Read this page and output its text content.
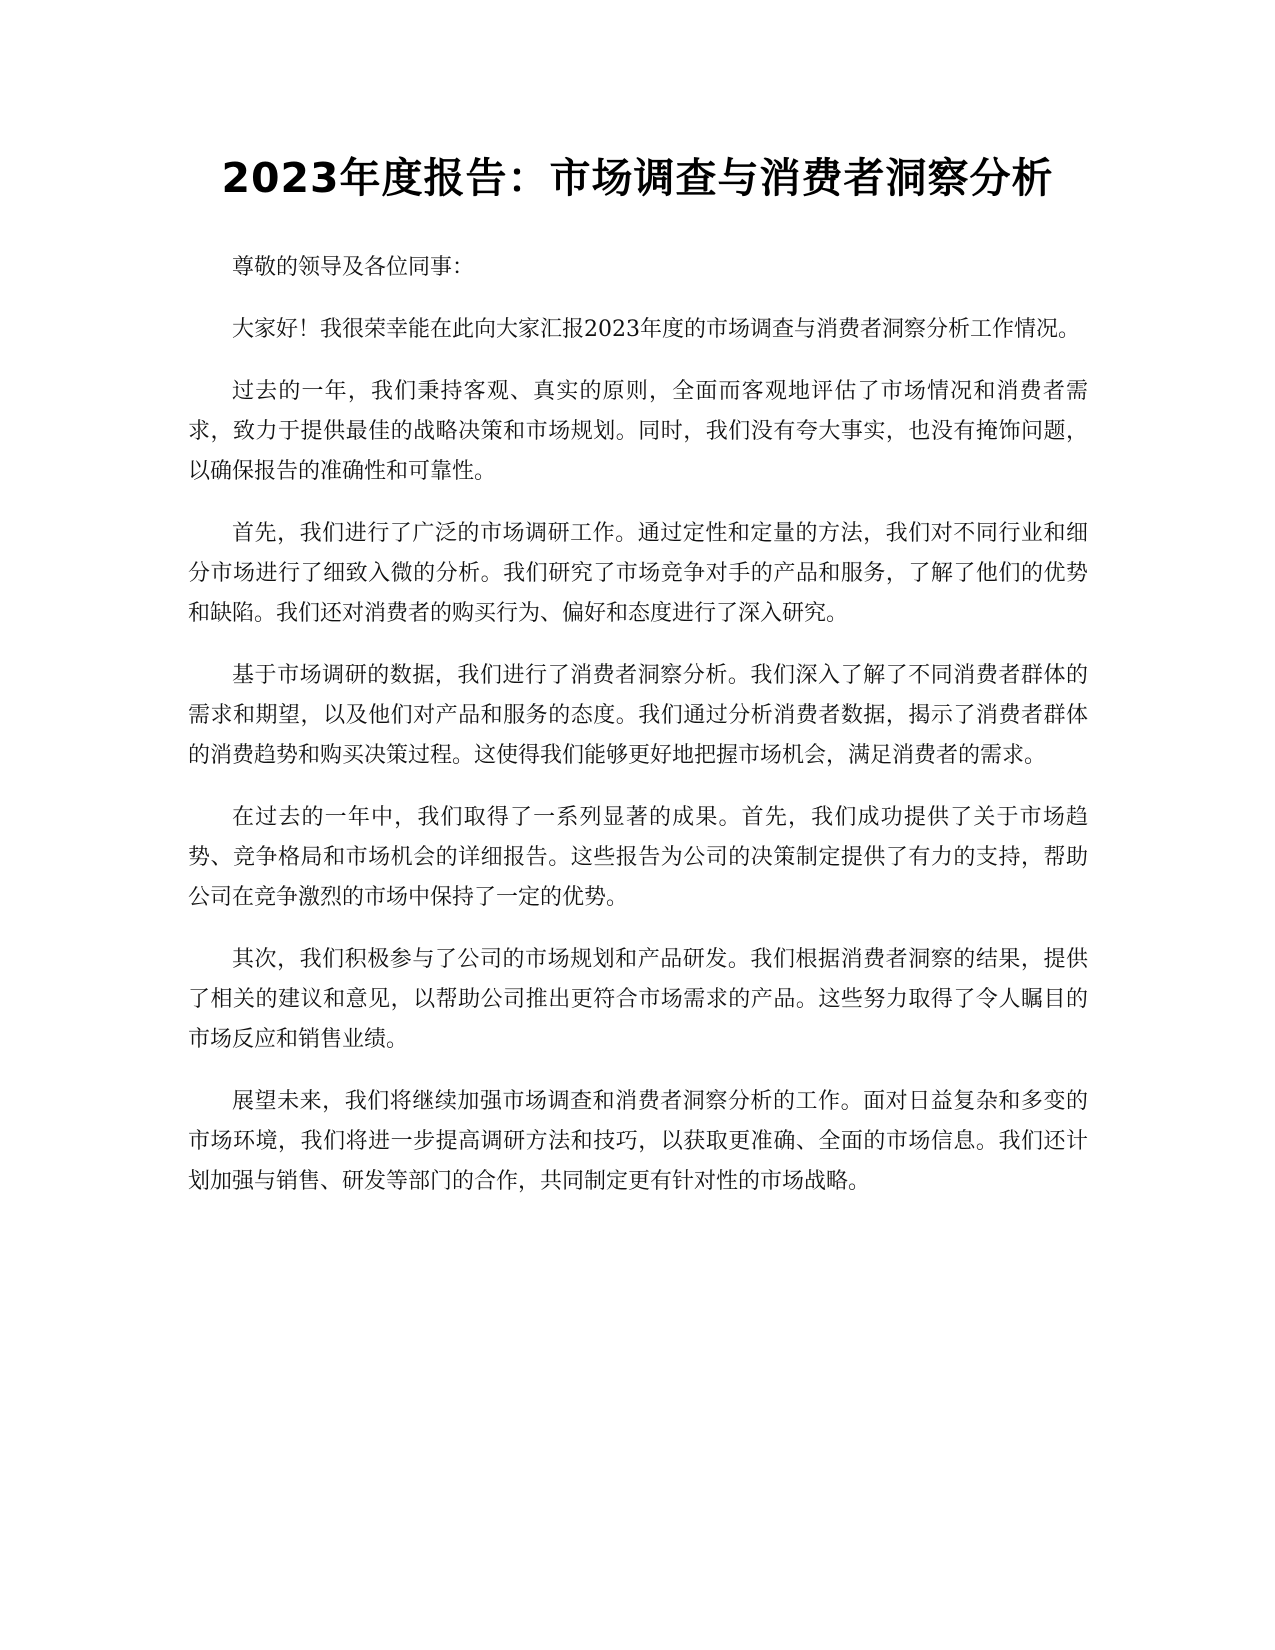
2023年度报告：市场调查与消费者洞察分析

尊敬的领导及各位同事：

大家好！我很荣幸能在此向大家汇报2023年度的市场调查与消费者洞察分析工作情况。

过去的一年，我们秉持客观、真实的原则，全面而客观地评估了市场情况和消费者需求，致力于提供最佳的战略决策和市场规划。同时，我们没有夸大事实，也没有掩饰问题，以确保报告的准确性和可靠性。

首先，我们进行了广泛的市场调研工作。通过定性和定量的方法，我们对不同行业和细分市场进行了细致入微的分析。我们研究了市场竞争对手的产品和服务，了解了他们的优势和缺陷。我们还对消费者的购买行为、偏好和态度进行了深入研究。

基于市场调研的数据，我们进行了消费者洞察分析。我们深入了解了不同消费者群体的需求和期望，以及他们对产品和服务的态度。我们通过分析消费者数据，揭示了消费者群体的消费趋势和购买决策过程。这使得我们能够更好地把握市场机会，满足消费者的需求。

在过去的一年中，我们取得了一系列显著的成果。首先，我们成功提供了关于市场趋势、竞争格局和市场机会的详细报告。这些报告为公司的决策制定提供了有力的支持，帮助公司在竞争激烈的市场中保持了一定的优势。

其次，我们积极参与了公司的市场规划和产品研发。我们根据消费者洞察的结果，提供了相关的建议和意见，以帮助公司推出更符合市场需求的产品。这些努力取得了令人瞩目的市场反应和销售业绩。

展望未来，我们将继续加强市场调查和消费者洞察分析的工作。面对日益复杂和多变的市场环境，我们将进一步提高调研方法和技巧，以获取更准确、全面的市场信息。我们还计划加强与销售、研发等部门的合作，共同制定更有针对性的市场战略。
